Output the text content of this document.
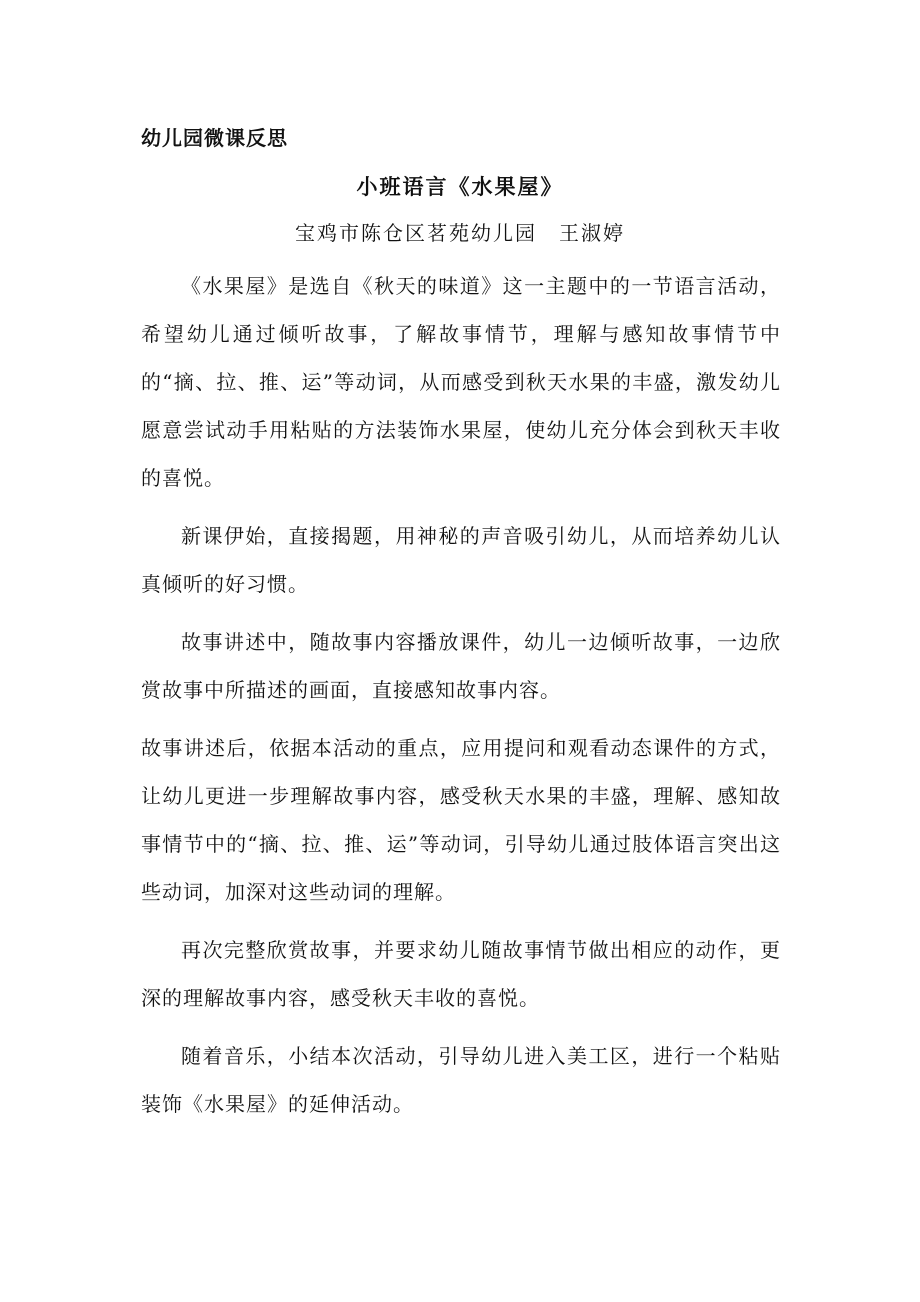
幼儿园微课反思
小班语言《水果屋》

宝鸡市陈仓区茗苑幼儿园　王淑婷

《水果屋》是选自《秋天的味道》这一主题中的一节语言活动，希望幼儿通过倾听故事，了解故事情节，理解与感知故事情节中的“摘、拉、推、运”等动词，从而感受到秋天水果的丰盛，激发幼儿愿意尝试动手用粘贴的方法装饰水果屋，使幼儿充分体会到秋天丰收的喜悦。

新课伊始，直接揭题，用神秘的声音吸引幼儿，从而培养幼儿认真倾听的好习惯。

故事讲述中，随故事内容播放课件，幼儿一边倾听故事，一边欣赏故事中所描述的画面，直接感知故事内容。

故事讲述后，依据本活动的重点，应用提问和观看动态课件的方式，让幼儿更进一步理解故事内容，感受秋天水果的丰盛，理解、感知故事情节中的“摘、拉、推、运”等动词，引导幼儿通过肢体语言突出这些动词，加深对这些动词的理解。

再次完整欣赏故事，并要求幼儿随故事情节做出相应的动作，更深的理解故事内容，感受秋天丰收的喜悦。

随着音乐，小结本次活动，引导幼儿进入美工区，进行一个粘贴装饰《水果屋》的延伸活动。
